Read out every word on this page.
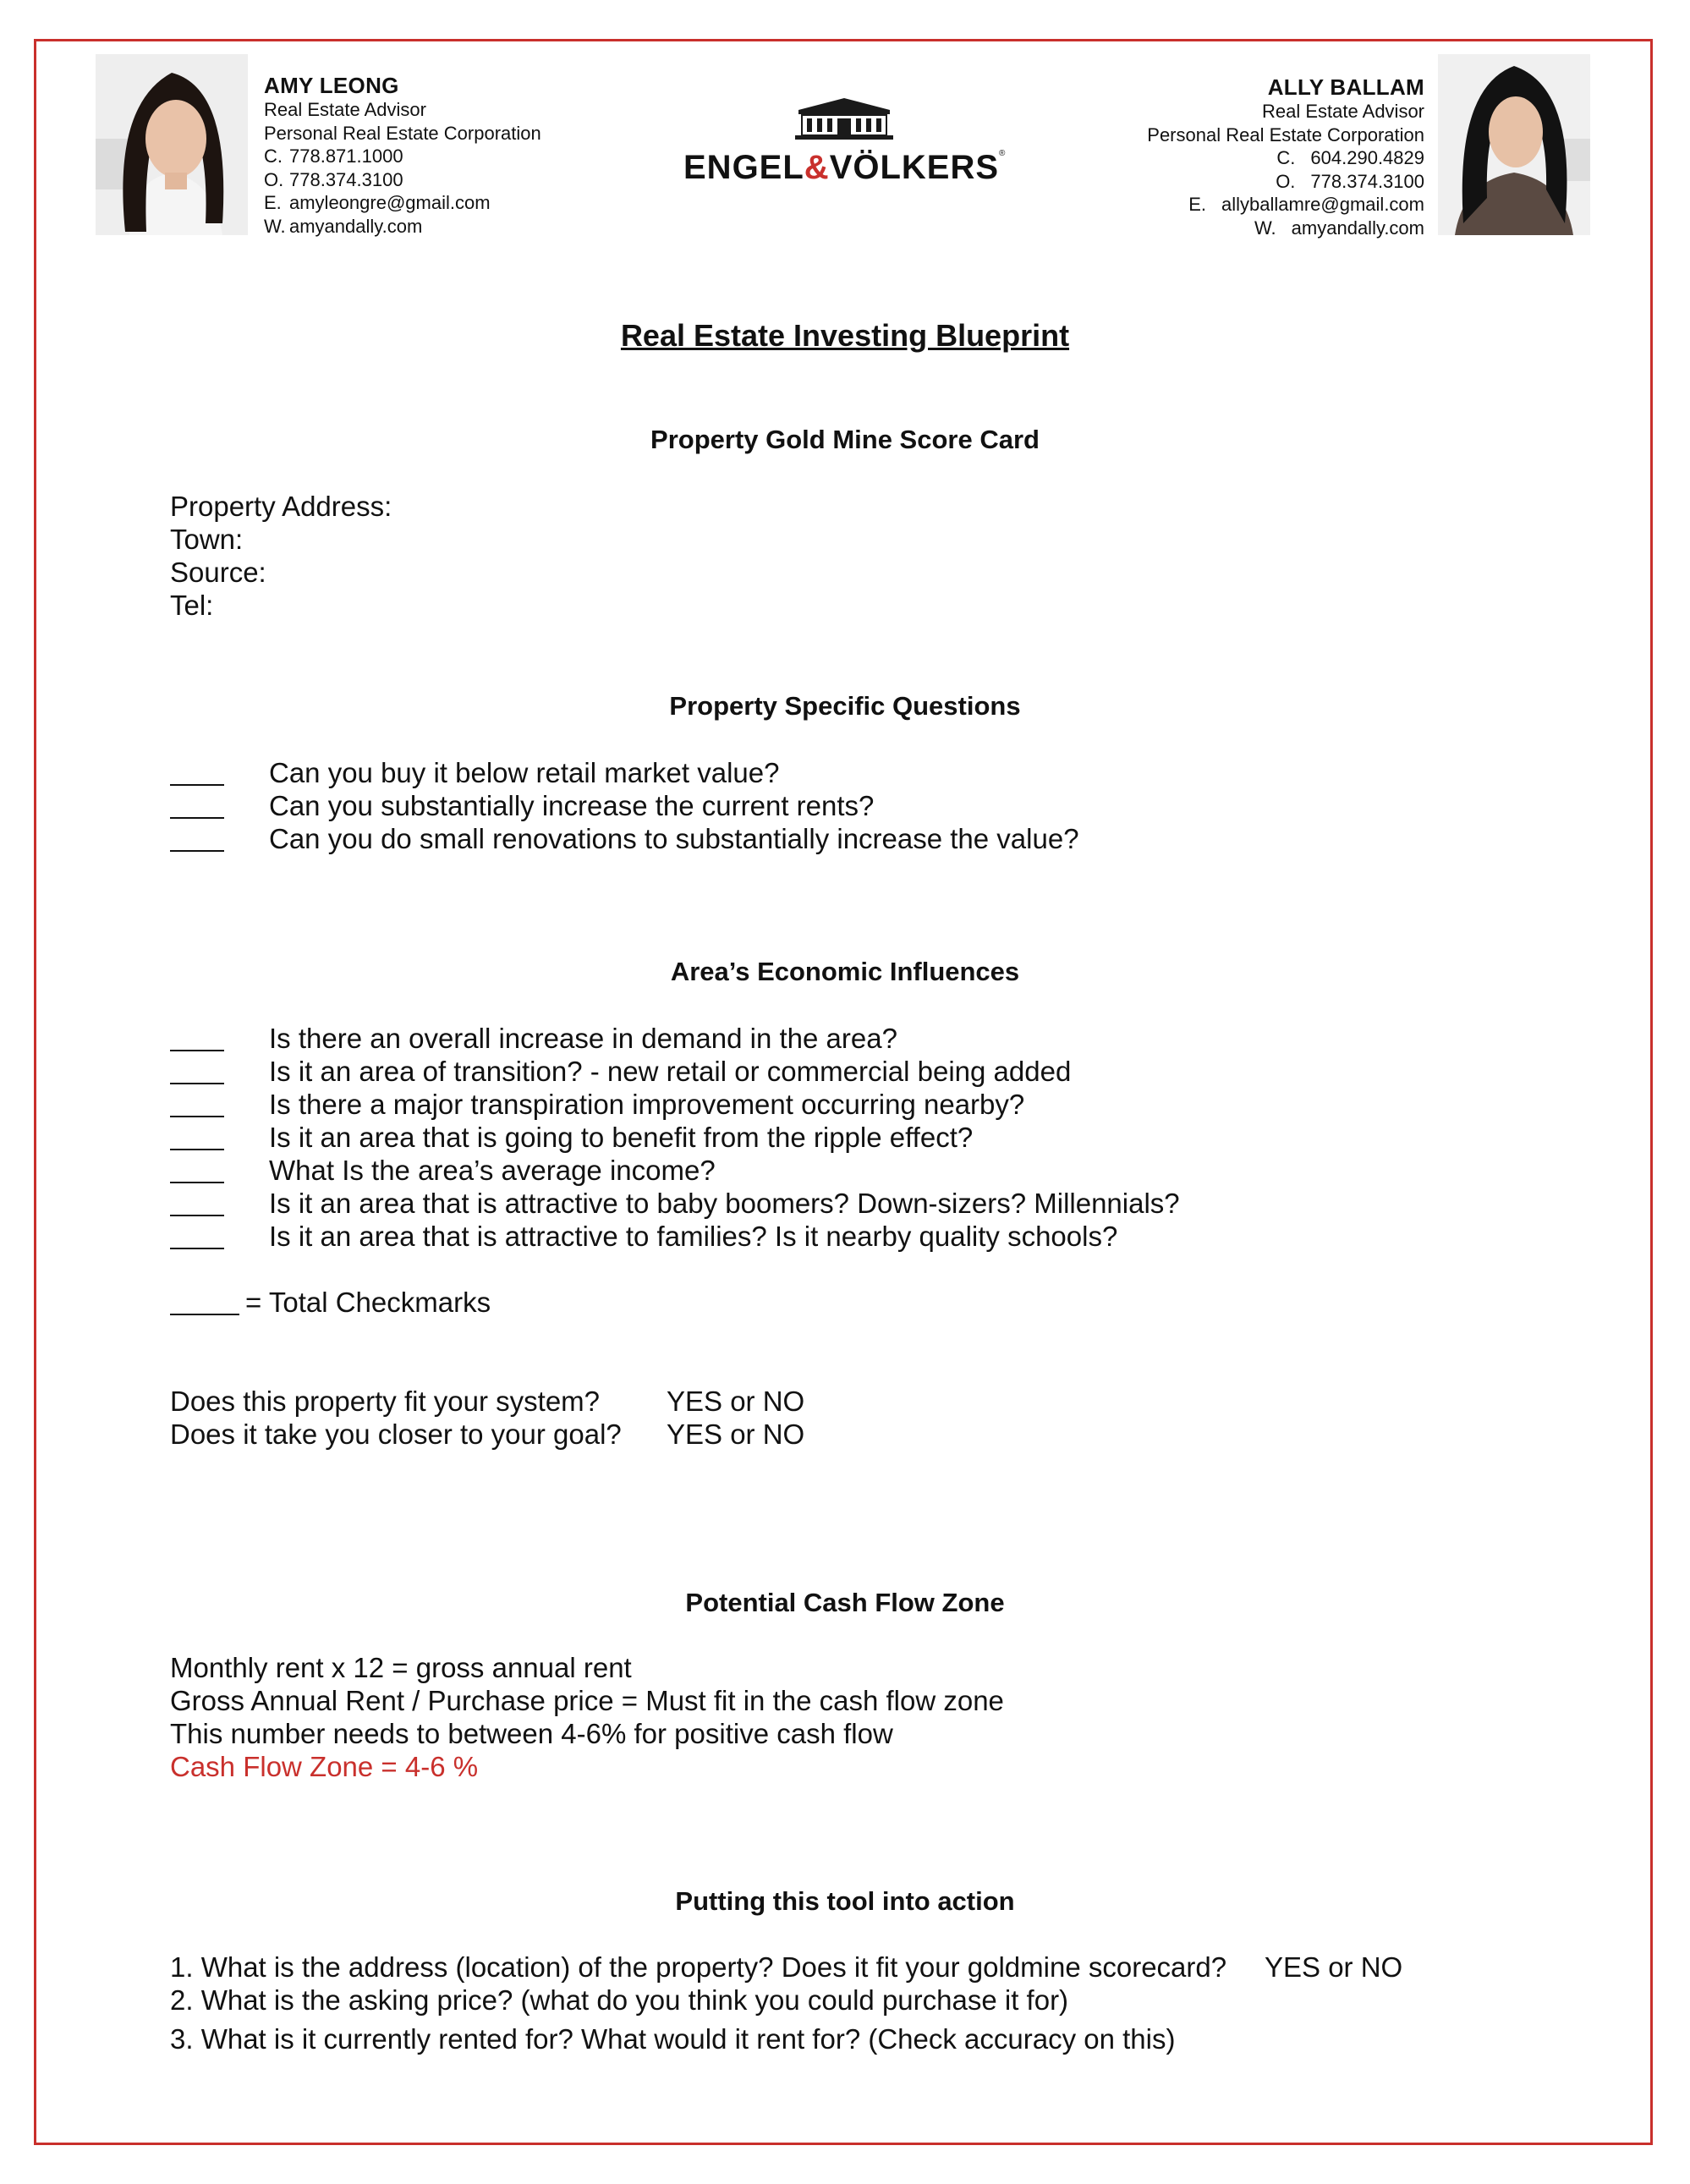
AMY LEONG
Real Estate Advisor
Personal Real Estate Corporation
C. 778.871.1000
O. 778.374.3100
E. amyleongre@gmail.com
W. amyandally.com
ENGEL&VÖLKERS®
ALLY BALLAM
Real Estate Advisor
Personal Real Estate Corporation
C. 604.290.4829
O. 778.374.3100
E. allyballamre@gmail.com
W. amyandally.com
Real Estate Investing Blueprint
Property Gold Mine Score Card
Property Address:
Town:
Source:
Tel:
Property Specific Questions
Can you buy it below retail market value?
Can you substantially increase the current rents?
Can you do small renovations to substantially increase the value?
Area’s Economic Influences
Is there an overall increase in demand in the area?
Is it an area of transition? - new retail or commercial being added
Is there a major transpiration improvement occurring nearby?
Is it an area that is going to benefit from the ripple effect?
What Is the area’s average income?
Is it an area that is attractive to baby boomers? Down-sizers? Millennials?
Is it an area that is attractive to families? Is it nearby quality schools?
= Total Checkmarks
Does this property fit your system? YES or NO
Does it take you closer to your goal? YES or NO
Potential Cash Flow Zone
Monthly rent x 12 = gross annual rent
Gross Annual Rent / Purchase price = Must fit in the cash flow zone
This number needs to between 4-6% for positive cash flow
Cash Flow Zone = 4-6 %
Putting this tool into action
1. What is the address (location) of the property? Does it fit your goldmine scorecard? YES or NO
2. What is the asking price? (what do you think you could purchase it for)
3. What is it currently rented for? What would it rent for? (Check accuracy on this)
